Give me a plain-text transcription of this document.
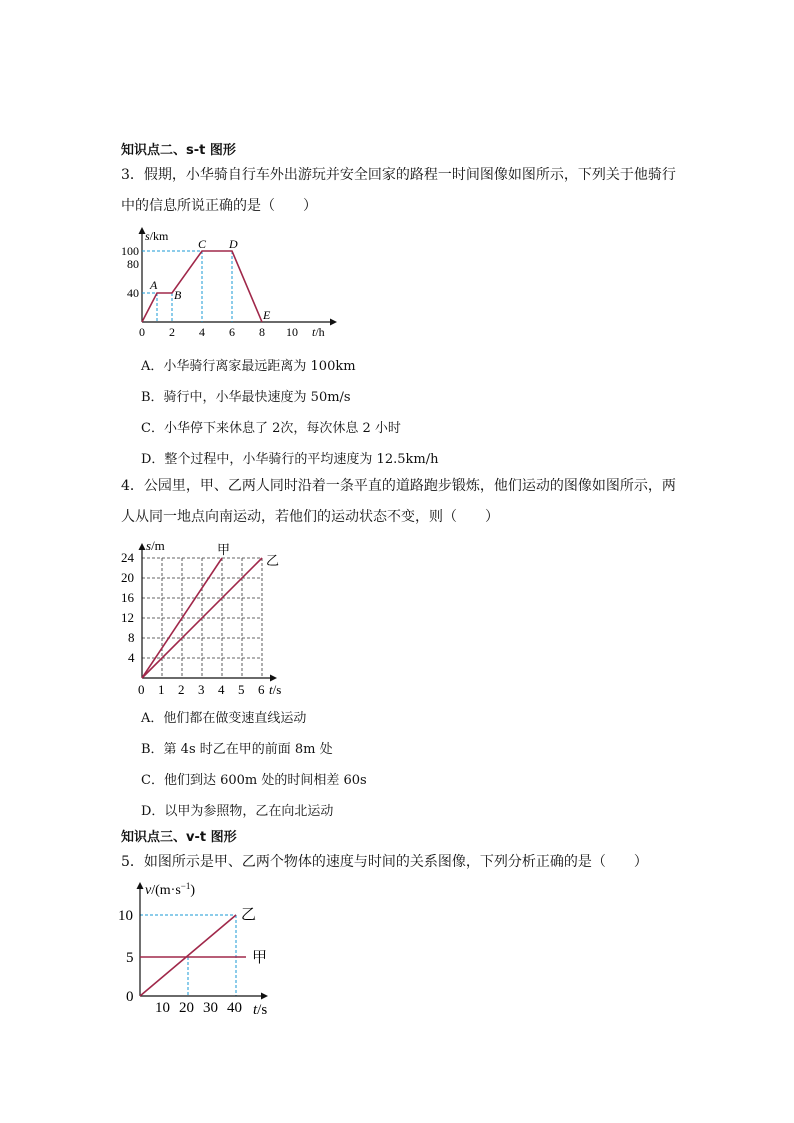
知识点二、s-t 图形
3．假期，小华骑自行车外出游玩并安全回家的路程一时间图像如图所示，下列关于他骑行
中的信息所说正确的是（　　）
s/km
t/h
40
80
100
0 2 4 6 8 10
A
B
C D
E
A．小华骑行离家最远距离为 100km
B．骑行中，小华最快速度为 50m/s
C．小华停下来休息了 2次，每次休息 2 小时
D．整个过程中，小华骑行的平均速度为 12.5km/h
4．公园里，甲、乙两人同时沿着一条平直的道路跑步锻炼，他们运动的图像如图所示，两
人从同一地点向南运动，若他们的运动状态不变，则（　　）
甲
乙
s/m
t/s
4
8
12
16
20
24
0 1 2 3 4 5 6
A．他们都在做变速直线运动
B．第 4s 时乙在甲的前面 8m 处
C．他们到达 600m 处的时间相差 60s
D．以甲为参照物，乙在向北运动
知识点三、v-t 图形
5．如图所示是甲、乙两个物体的速度与时间的关系图像，下列分析正确的是（　　）
甲
乙
$v/(m\cdot s^{-1})$
t/s
0
5
10
10 20 30 40
